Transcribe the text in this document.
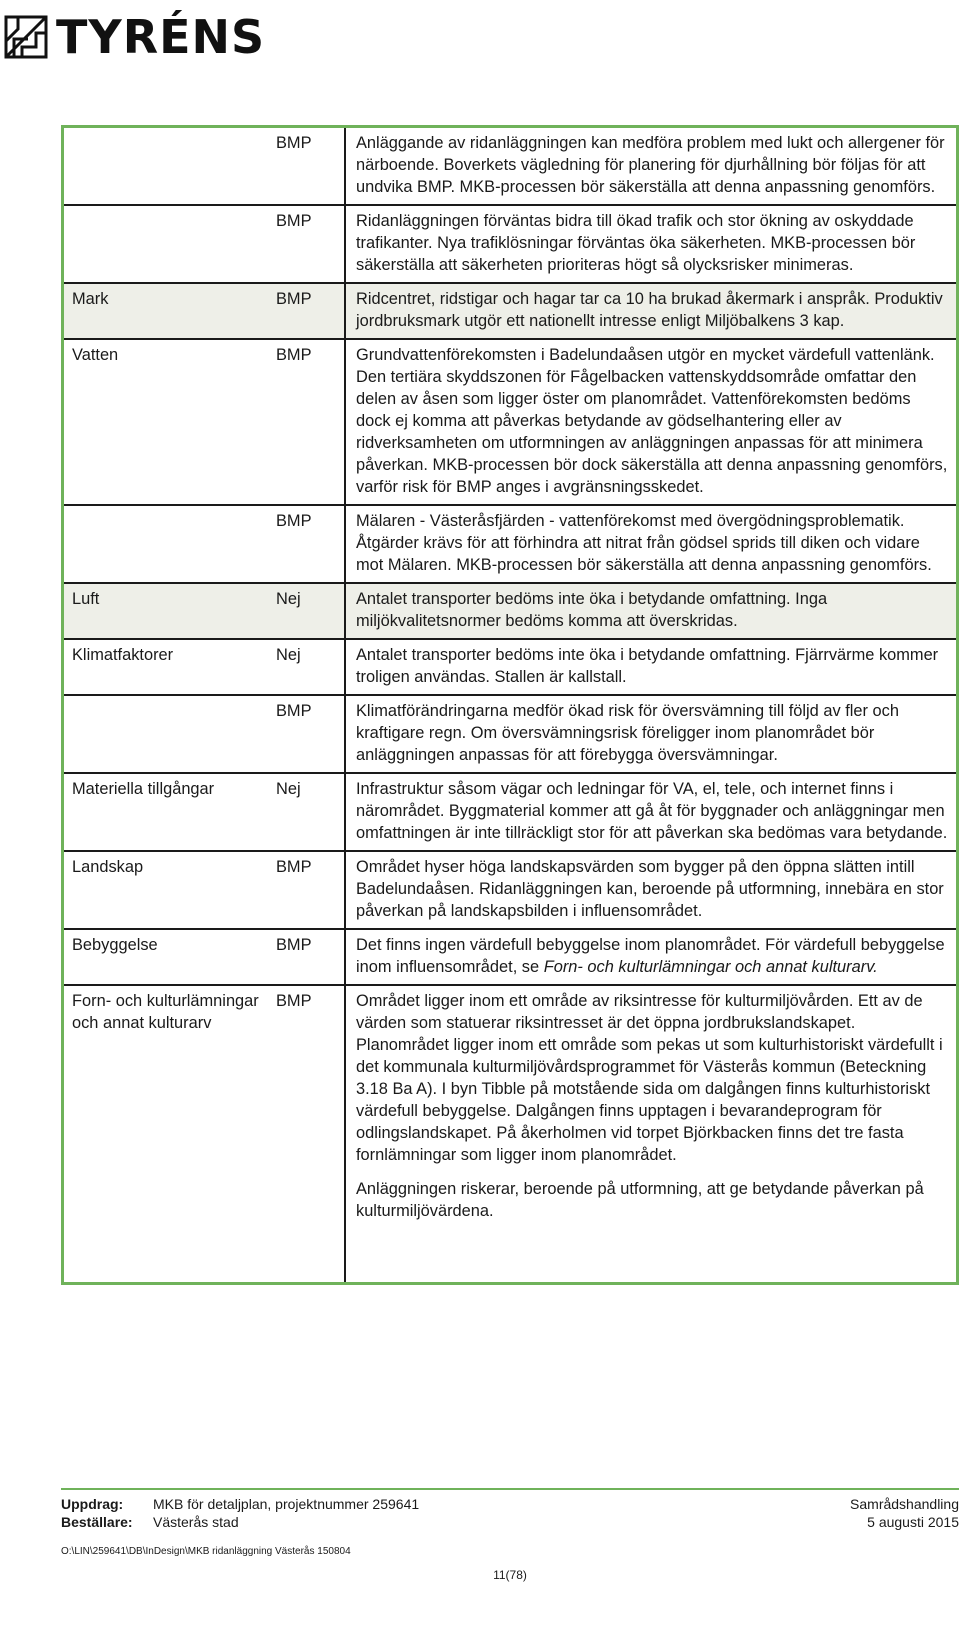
TYRÉNS
	BMP	Anläggande av ridanläggningen kan medföra problem med lukt och allergener för närboende. Boverkets vägledning för planering för djurhållning bör följas för att undvika BMP. MKB-processen bör säkerställa att denna anpassning genomförs.

	BMP	Ridanläggningen förväntas bidra till ökad trafik och stor ökning av oskyddade trafikanter. Nya trafiklösningar förväntas öka säkerheten. MKB-processen bör säkerställa att säkerheten prioriteras högt så olycksrisker minimeras.

Mark	BMP	Ridcentret, ridstigar och hagar tar ca 10 ha brukad åkermark i anspråk. Produktiv jordbruksmark utgör ett nationellt intresse enligt Miljöbalkens 3 kap.

Vatten	BMP	Grundvattenförekomsten i Badelundaåsen utgör en mycket värdefull vattenlänk. Den tertiära skyddszonen för Fågelbacken vattenskyddsområde omfattar den delen av åsen som ligger öster om planområdet. Vattenförekomsten bedöms dock ej komma att påverkas betydande av gödselhantering eller av ridverksamheten om utformningen av anläggningen anpassas för att minimera påverkan. MKB-processen bör dock säkerställa att denna anpassning genomförs, varför risk för BMP anges i avgränsningsskedet.

	BMP	Mälaren - Västeråsfjärden - vattenförekomst med övergödningsproblematik. Åtgärder krävs för att förhindra att nitrat från gödsel sprids till diken och vidare mot Mälaren. MKB-processen bör säkerställa att denna anpassning genomförs.

Luft	Nej	Antalet transporter bedöms inte öka i betydande omfattning. Inga miljökvalitetsnormer bedöms komma att överskridas.

Klimatfaktorer	Nej	Antalet transporter bedöms inte öka i betydande omfattning. Fjärrvärme kommer troligen användas. Stallen är kallstall.

	BMP	Klimatförändringarna medför ökad risk för översvämning till följd av fler och kraftigare regn. Om översvämningsrisk föreligger inom planområdet bör anläggningen anpassas för att förebygga översvämningar.

Materiella tillgångar	Nej	Infrastruktur såsom vägar och ledningar för VA, el, tele, och internet finns i närområdet. Byggmaterial kommer att gå åt för byggnader och anläggningar men omfattningen är inte tillräckligt stor för att påverkan ska bedömas vara betydande.

Landskap	BMP	Området hyser höga landskapsvärden som bygger på den öppna slätten intill Badelundaåsen. Ridanläggningen kan, beroende på utformning, innebära en stor påverkan på landskapsbilden i influensområdet.

Bebyggelse	BMP	Det finns ingen värdefull bebyggelse inom planområdet. För värdefull bebyggelse inom influensområdet, se Forn- och kulturlämningar och annat kulturarv.

Forn- och kulturlämningar och annat kulturarv	BMP	Området ligger inom ett område av riksintresse för kulturmiljövården. Ett av de värden som statuerar riksintresset är det öppna jordbrukslandskapet. Planområdet ligger inom ett område som pekas ut som kulturhistoriskt värdefullt i det kommunala kulturmiljövårdsprogrammet för Västerås kommun (Beteckning 3.18 Ba A). I byn Tibble på motstående sida om dalgången finns kulturhistoriskt värdefull bebyggelse. Dalgången finns upptagen i bevarandeprogram för odlingslandskapet. På åkerholmen vid torpet Björkbacken finns det tre fasta fornlämningar som ligger inom planområdet.
Anläggningen riskerar, beroende på utformning, att ge betydande påverkan på kulturmiljövärdena.
Uppdrag: MKB för detaljplan, projektnummer 259641
Beställare: Västerås stad
Samrådshandling
5 augusti 2015
O:\LIN\259641\DB\InDesign\MKB ridanläggning Västerås 150804
11(78)
